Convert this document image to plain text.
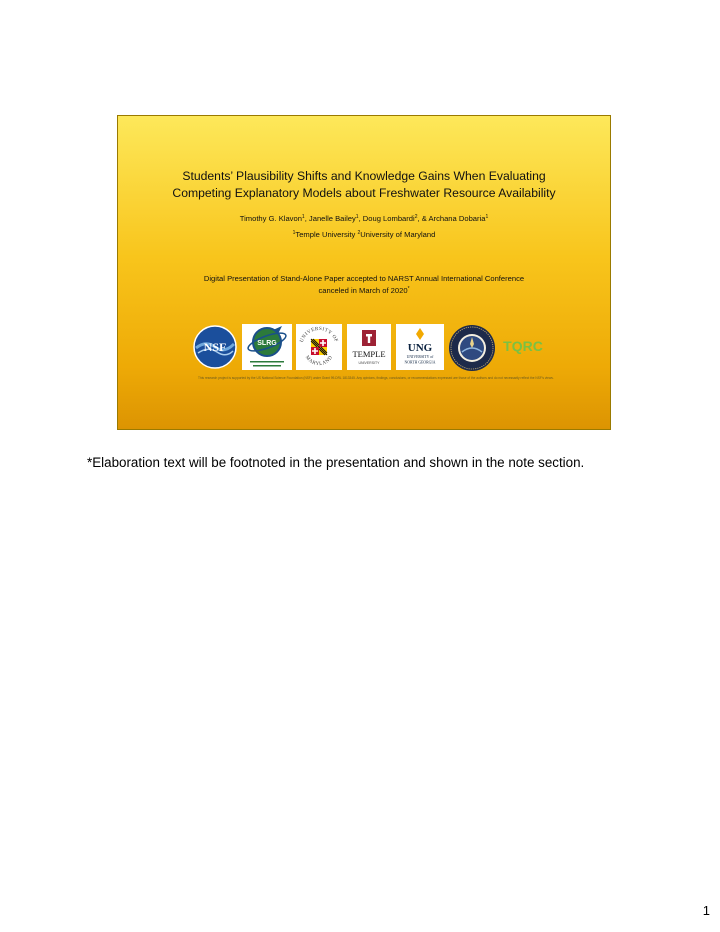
Students’ Plausibility Shifts and Knowledge Gains When Evaluating
Competing Explanatory Models about Freshwater Resource Availability
Timothy G. Klavon$^1$, Janelle Bailey$^1$, Doug Lombardi$^2$, & Archana Dobaria$^1$
$^1$Temple University $^2$University of Maryland
Digital Presentation of Stand-Alone Paper accepted to NARST Annual International Conference
canceled in March of 2020*
NSF	SLRG	UNIVERSITY OF
MARYLAND TEMPLE
UNIVERSITY
UNG
UNIVERSITY of
NORTH GEORGIA
TQRC
This research project is supported by the US National Science Foundation (NSF) under Grant 99-DRL 1813345. Any opinions, findings, conclusions, or recommendations expressed are those of the authors and do not necessarily reflect the NSF's views.
*Elaboration text will be footnoted in the presentation and shown in the note section.
1
